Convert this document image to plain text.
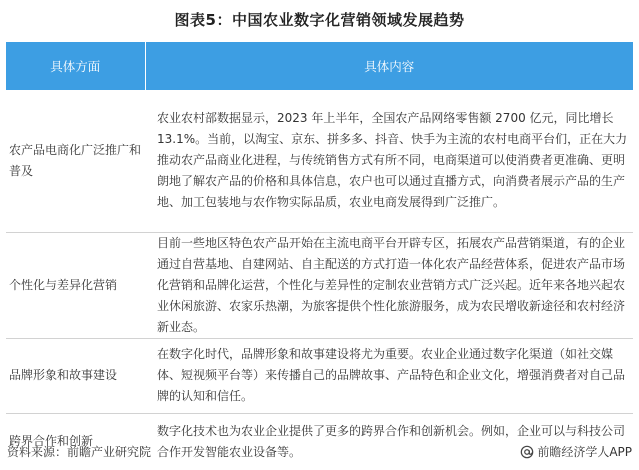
图表5：中国农业数字化营销领域发展趋势
具体方面	具体内容
农产品电商化广泛推广和普及	农业农村部数据显示，2023 年上半年，全国农产品网络零售额 2700 亿元，同比增长 13.1%。当前，以淘宝、京东、拼多多、抖音、快手为主流的农村电商平台们，正在大力推动农产品商业化进程，与传统销售方式有所不同，电商渠道可以使消费者更准确、更明朗地了解农产品的价格和具体信息，农户也可以通过直播方式，向消费者展示产品的生产地、加工包装地与农作物实际品质，农业电商发展得到广泛推广。
个性化与差异化营销	目前一些地区特色农产品开始在主流电商平台开辟专区，拓展农产品营销渠道，有的企业通过自营基地、自建网站、自主配送的方式打造一体化农产品经营体系，促进农产品市场化营销和品牌化运营，个性化与差异性的定制农业营销方式广泛兴起。近年来各地兴起农业休闲旅游、农家乐热潮，为旅客提供个性化旅游服务，成为农民增收新途径和农村经济新业态。
品牌形象和故事建设	在数字化时代，品牌形象和故事建设将尤为重要。农业企业通过数字化渠道（如社交媒体、短视频平台等）来传播自己的品牌故事、产品特色和企业文化，增强消费者对自己品牌的认知和信任。
跨界合作和创新	数字化技术也为农业企业提供了更多的跨界合作和创新机会。例如，企业可以与科技公司合作开发智能农业设备等。
资料来源：前瞻产业研究院	前瞻经济学人APP
